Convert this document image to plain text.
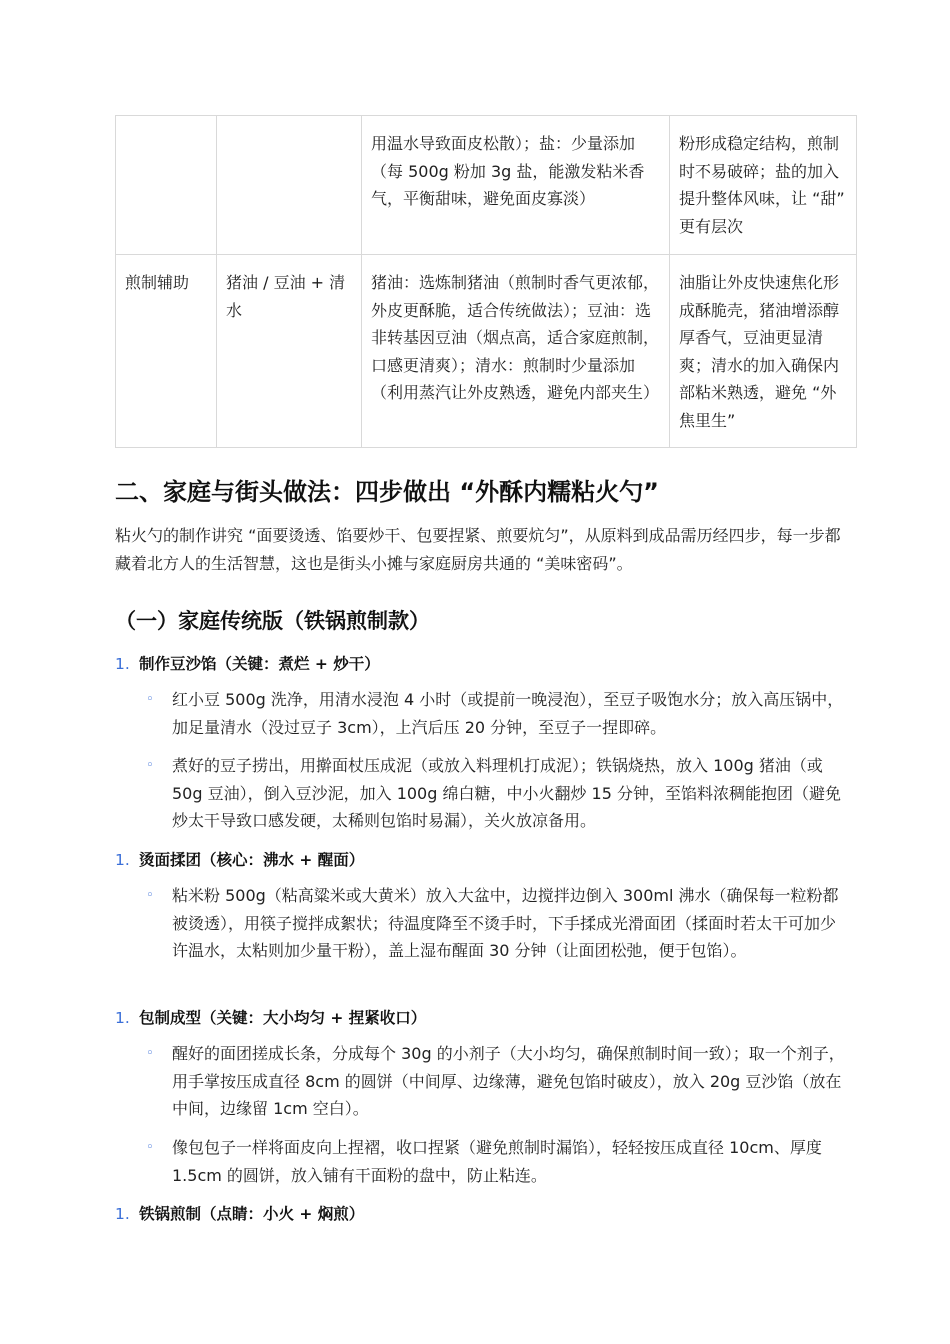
		用温水导致面皮松散）；盐：少量添加（每 500g 粉加 3g 盐，能激发粘米香气，平衡甜味，避免面皮寡淡）	粉形成稳定结构，煎制时不易破碎；盐的加入提升整体风味，让 “甜” 更有层次
煎制辅助	猪油 / 豆油 + 清水	猪油：选炼制猪油（煎制时香气更浓郁，外皮更酥脆，适合传统做法）；豆油：选非转基因豆油（烟点高，适合家庭煎制，口感更清爽）；清水：煎制时少量添加（利用蒸汽让外皮熟透，避免内部夹生）	油脂让外皮快速焦化形成酥脆壳，猪油增添醇厚香气，豆油更显清爽；清水的加入确保内部粘米熟透，避免 “外焦里生”
二、家庭与街头做法：四步做出 “外酥内糯粘火勺”
粘火勺的制作讲究 “面要烫透、馅要炒干、包要捏紧、煎要炕匀”，从原料到成品需历经四步，每一步都藏着北方人的生活智慧，这也是街头小摊与家庭厨房共通的 “美味密码”。
（一）家庭传统版（铁锅煎制款）
1. 制作豆沙馅（关键：煮烂 + 炒干）
◦ 红小豆 500g 洗净，用清水浸泡 4 小时（或提前一晚浸泡），至豆子吸饱水分；放入高压锅中，加足量清水（没过豆子 3cm），上汽后压 20 分钟，至豆子一捏即碎。
◦ 煮好的豆子捞出，用擀面杖压成泥（或放入料理机打成泥）；铁锅烧热，放入 100g 猪油（或 50g 豆油），倒入豆沙泥，加入 100g 绵白糖，中小火翻炒 15 分钟，至馅料浓稠能抱团（避免炒太干导致口感发硬，太稀则包馅时易漏），关火放凉备用。
1. 烫面揉团（核心：沸水 + 醒面）
◦ 粘米粉 500g（粘高粱米或大黄米）放入大盆中，边搅拌边倒入 300ml 沸水（确保每一粒粉都被烫透），用筷子搅拌成絮状；待温度降至不烫手时，下手揉成光滑面团（揉面时若太干可加少许温水，太粘则加少量干粉），盖上湿布醒面 30 分钟（让面团松弛，便于包馅）。
1. 包制成型（关键：大小均匀 + 捏紧收口）
◦ 醒好的面团搓成长条，分成每个 30g 的小剂子（大小均匀，确保煎制时间一致）；取一个剂子，用手掌按压成直径 8cm 的圆饼（中间厚、边缘薄，避免包馅时破皮），放入 20g 豆沙馅（放在中间，边缘留 1cm 空白）。
◦ 像包包子一样将面皮向上捏褶，收口捏紧（避免煎制时漏馅），轻轻按压成直径 10cm、厚度 1.5cm 的圆饼，放入铺有干面粉的盘中，防止粘连。
1. 铁锅煎制（点睛：小火 + 焖煎）
